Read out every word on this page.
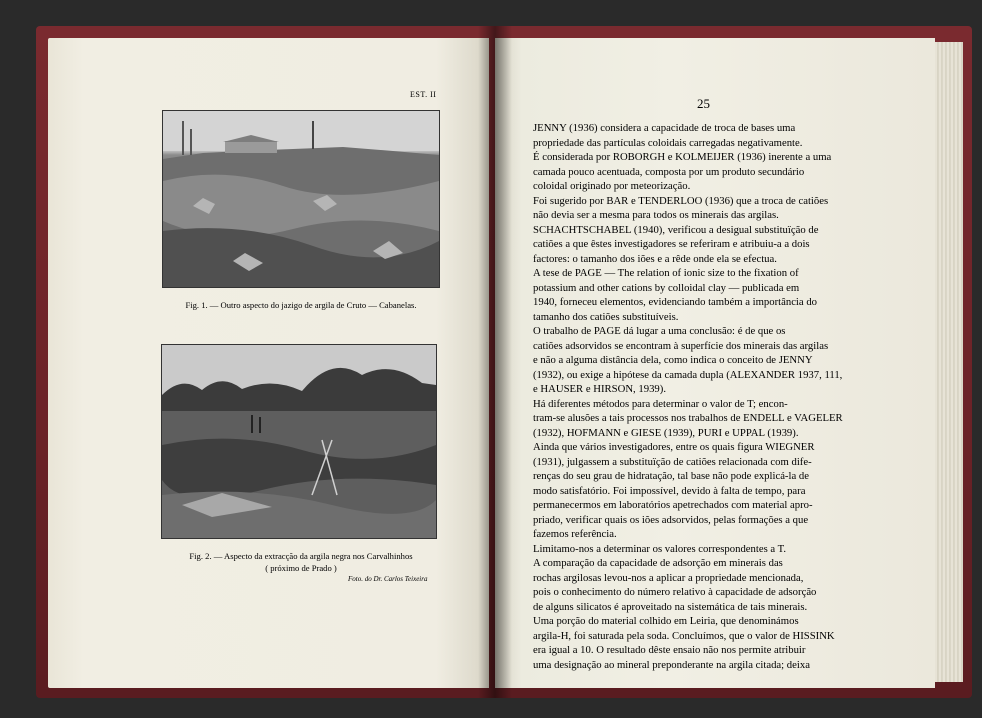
EST. II
Fig. 1. — Outro aspecto do jazigo de argila de Cruto — Cabanelas.
Fig. 2. — Aspecto da extracção da argila negra nos Carvalhinhos
( próximo de Prado )
Foto. do Dr. Carlos Teixeira
25

JENNY (1936) considera a capacidade de troca de bases uma

propriedade das partículas coloidais carregadas negativamente.

É considerada por ROBORGH e KOLMEIJER (1936) inerente a uma

camada pouco acentuada, composta por um produto secundário

coloidal originado por meteorização.

Foi sugerido por BAR e TENDERLOO (1936) que a troca de catiões

não devia ser a mesma para todos os minerais das argilas.

SCHACHTSCHABEL (1940), verificou a desigual substituïção de

catiões a que êstes investigadores se referiram e atribuiu-a a dois

factores: o tamanho dos iões e a rêde onde ela se efectua.

A tese de PAGE — The relation of ionic size to the fixation of

potassium and other cations by colloidal clay — publicada em

1940, forneceu elementos, evidenciando também a importância do

tamanho dos catiões substituíveis.

O trabalho de PAGE dá lugar a uma conclusão: é de que os

catiões adsorvidos se encontram à superfície dos minerais das argilas

e não a alguma distância dela, como indica o conceito de JENNY

(1932), ou exige a hipótese da camada dupla (ALEXANDER 1937, 111,

e HAUSER e HIRSON, 1939).

Há diferentes métodos para determinar o valor de T; encon-

tram-se alusões a tais processos nos trabalhos de ENDELL e VAGELER

(1932), HOFMANN e GIESE (1939), PURI e UPPAL (1939).

Ainda que vários investigadores, entre os quais figura WIEGNER

(1931), julgassem a substituïção de catiões relacionada com dife-

renças do seu grau de hidratação, tal base não pode explicá-la de

modo satisfatório. Foi impossível, devido à falta de tempo, para

permanecermos em laboratórios apetrechados com material apro-

priado, verificar quais os iões adsorvidos, pelas formações a que

fazemos referência.

Limitamo-nos a determinar os valores correspondentes a T.

A comparação da capacidade de adsorção em minerais das

rochas argilosas levou-nos a aplicar a propriedade mencionada,

pois o conhecimento do número relativo à capacidade de adsorção

de alguns silicatos é aproveitado na sistemática de tais minerais.

Uma porção do material colhido em Leiria, que denominámos

argila-H, foi saturada pela soda. Concluímos, que o valor de HISSINK

era igual a 10. O resultado dêste ensaio não nos permite atribuir

uma designação ao mineral preponderante na argila citada; deixa
